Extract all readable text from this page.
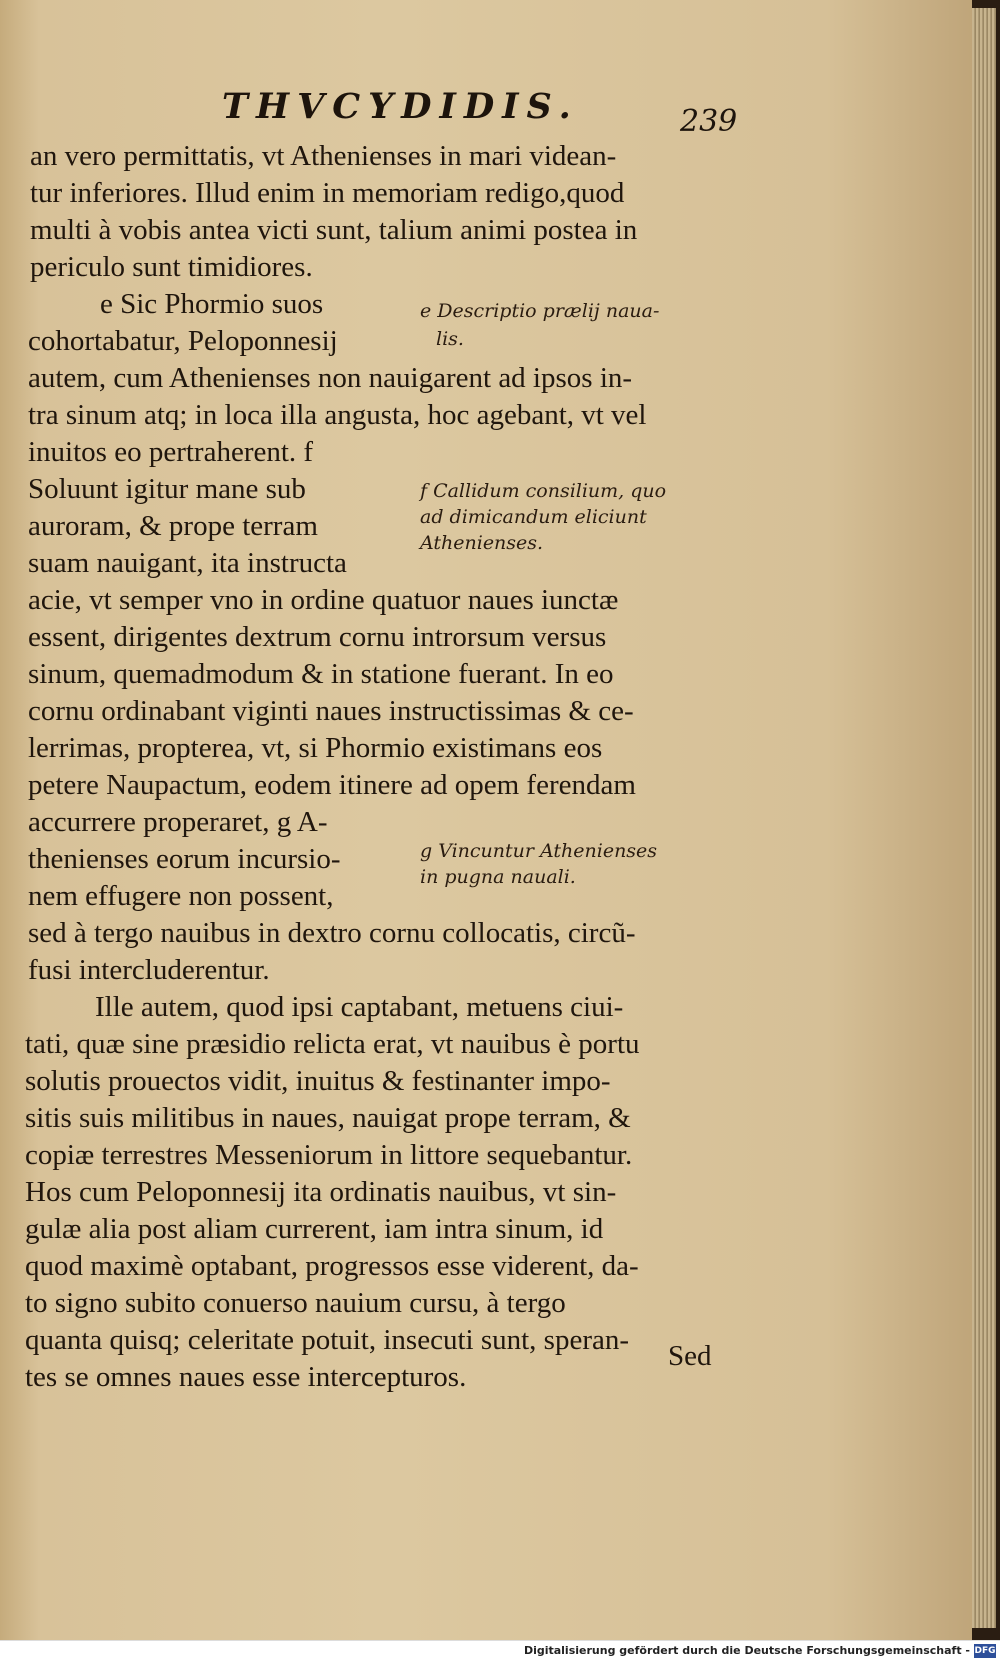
THVCYDIDIS.	239
an vero permittatis, vt Athenienses in mari videan-
tur inferiores. Illud enim in memoriam redigo,quod
multi à vobis antea victi sunt, talium animi postea in
periculo sunt timidiores.
e Sic Phormio suos
cohortabatur, Peloponnesij
autem, cum Athenienses non nauigarent ad ipsos in-
tra sinum atq; in loca illa angusta, hoc agebant, vt vel
inuitos eo pertraherent. f
Soluunt igitur mane sub
auroram, & prope terram
suam nauigant, ita instructa
acie, vt semper vno in ordine quatuor naues iunctæ
essent, dirigentes dextrum cornu introrsum versus
sinum, quemadmodum & in statione fuerant. In eo
cornu ordinabant viginti naues instructissimas & ce-
lerrimas, propterea, vt, si Phormio existimans eos
petere Naupactum, eodem itinere ad opem ferendam
accurrere properaret, g A-
thenienses eorum incursio-
nem effugere non possent,
sed à tergo nauibus in dextro cornu collocatis, circũ-
fusi intercluderentur.
Ille autem, quod ipsi captabant, metuens ciui-
tati, quæ sine præsidio relicta erat, vt nauibus è portu
solutis prouectos vidit, inuitus & festinanter impo-
sitis suis militibus in naues, nauigat prope terram, &
copiæ terrestres Messeniorum in littore sequebantur.
Hos cum Peloponnesij ita ordinatis nauibus, vt sin-
gulæ alia post aliam currerent, iam intra sinum, id
quod maximè optabant, progressos esse viderent, da-
to signo subito conuerso nauium cursu, à tergo
quanta quisq; celeritate potuit, insecuti sunt, speran-
tes se omnes naues esse intercepturos.
Sed
e Descriptio prælij naua-
lis.
f Callidum consilium, quo
ad dimicandum eliciunt
Athenienses.
g Vincuntur Athenienses
in pugna nauali.
Digitalisierung gefördert durch die Deutsche Forschungsgemeinschaft - DFG
